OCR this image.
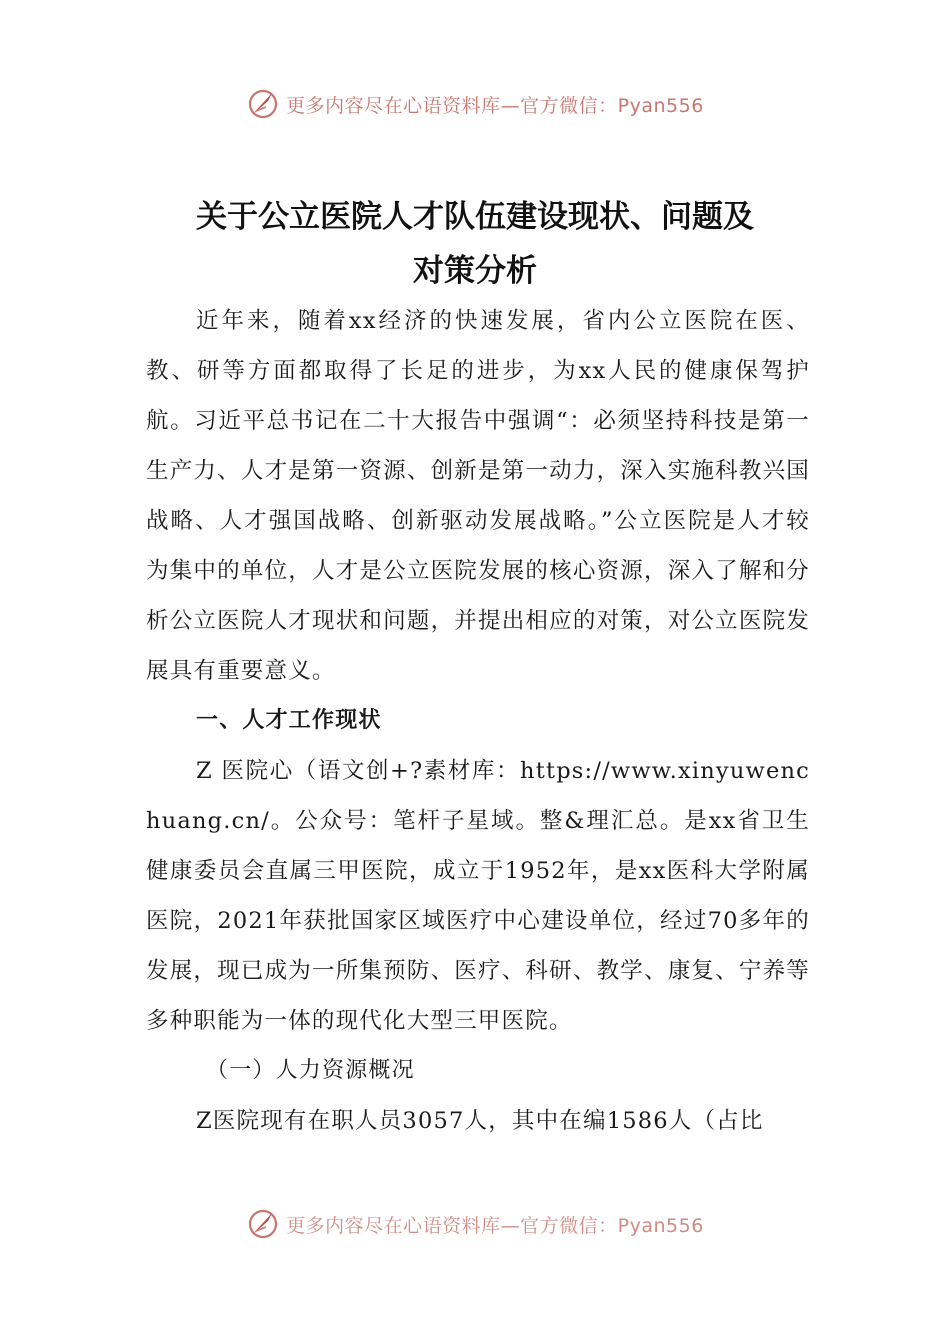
更多内容尽在心语资料库—官方微信：Pyan556
关于公立医院人才队伍建设现状、问题及
对策分析

近年来，随着xx经济的快速发展，省内公立医院在医、教、研等方面都取得了长足的进步，为xx人民的健康保驾护航。习近平总书记在二十大报告中强调“：必须坚持科技是第一生产力、人才是第一资源、创新是第一动力，深入实施科教兴国战略、人才强国战略、创新驱动发展战略。”公立医院是人才较为集中的单位，人才是公立医院发展的核心资源，深入了解和分析公立医院人才现状和问题，并提出相应的对策，对公立医院发展具有重要意义。

一、人才工作现状

Z 医院心（语文创+?素材库：https://www.xinyuwenchuang.cn/。公众号：笔杆子星域。整&理汇总。是xx省卫生健康委员会直属三甲医院，成立于1952年，是xx医科大学附属医院，2021年获批国家区域医疗中心建设单位，经过70多年的发展，现已成为一所集预防、医疗、科研、教学、康复、宁养等多种职能为一体的现代化大型三甲医院。

（一）人力资源概况

Z医院现有在职人员3057人，其中在编1586人（占比

更多内容尽在心语资料库—官方微信：Pyan556
